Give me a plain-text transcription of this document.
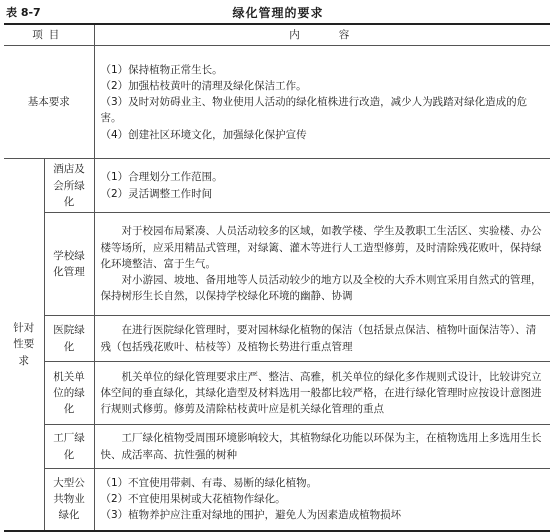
表 8-7	绿化管理的要求
项目		内　　容
基本要求		（1）保持植物正常生长。
（2）加强枯枝黄叶的清理及绿化保洁工作。
（3）及时对妨碍业主、物业使用人活动的绿化植株进行改造，减少人为践踏对绿化造成的危害。
（4）创建社区环境文化，加强绿化保护宣传

针对性要求	酒店及会所绿化	（1）合理划分工作范围。
（2）灵活调整工作时间

	学校绿化管理	对于校园布局紧凑、人员活动较多的区域，如教学楼、学生及教职工生活区、实验楼、办公楼等场所，应采用精品式管理，对绿篱、灌木等进行人工造型修剪，及时清除残花败叶，保持绿化环境整洁、富于生气。
对小游园、坡地、备用地等人员活动较少的地方以及全校的大乔木则宜采用自然式的管理，保持树形生长自然，以保持学校绿化环境的幽静、协调

	医院绿化	在进行医院绿化管理时，要对园林绿化植物的保洁（包括景点保洁、植物叶面保洁等）、清残（包括残花败叶、枯枝等）及植物长势进行重点管理

	机关单位的绿化	机关单位的绿化管理要求庄严、整洁、高雅，机关单位的绿化多作规则式设计，比较讲究立体空间的垂直绿化，其绿化造型及材料选用一般都比较严格，在进行绿化管理时应按设计意图进行规则式修剪。修剪及清除枯枝黄叶应是机关绿化管理的重点

	工厂绿化	工厂绿化植物受周围环境影响较大，其植物绿化功能以环保为主，在植物选用上多选用生长快、成活率高、抗性强的树种

	大型公共物业绿化	（1）不宜使用带刺、有毒、易断的绿化植物。
（2）不宜使用果树或大花植物作绿化。
（3）植物养护应注重对绿地的围护，避免人为因素造成植物损坏
